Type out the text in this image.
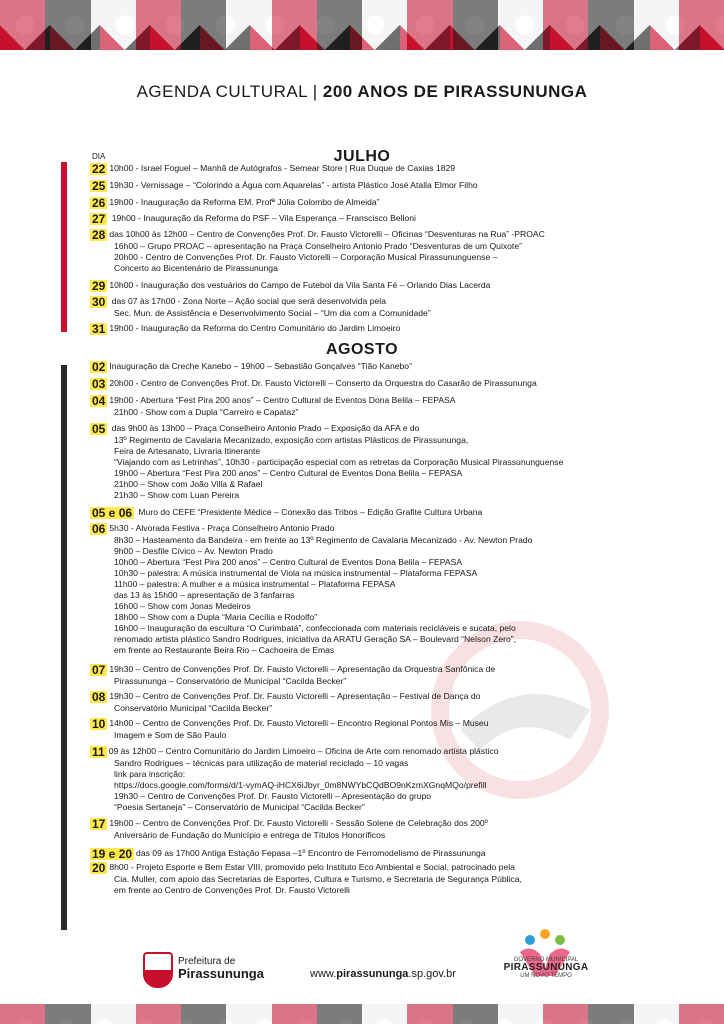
AGENDA CULTURAL | 200 ANOS DE PIRASSUNUNGA
DIA	JULHO
AGOSTO
22 10h00 - Israel Foguel – Manhã de Autógrafos - Semear Store | Rua Duque de Caxias 1829
25 19h30 - Vernissage – “Colorindo a Água com Aquarelas” - artista Plástico José Atalla Elmor Filho
26 19h00 - Inauguração da Reforma EM. Profª Júlia Colombo de Almeida”
27 19h00 - Inauguração da Reforma do PSF – Vila Esperança – Franscisco Belloni
28 das 10h00 às 12h00 – Centro de Convenções Prof. Dr. Fausto Victorelli – Oficinas “Desventuras na Rua” -PROAC
16h00 – Grupo PROAC – apresentação na Praça Conselheiro Antonio Prado “Desventuras de um Quixote”
20h00 - Centro de Convenções Prof. Dr. Fausto Victorelli – Corporação Musical Pirassununguense –
Concerto ao Bicentenário de Pirassununga
29 10h00 - Inauguração dos vestuários do Campo de Futebol da Vila Santa Fé – Orlando Dias Lacerda
30 das 07 às 17h00 - Zona Norte – Ação social que será desenvolvida pela
Sec. Mun. de Assistência e Desenvolvimento Social – “Um dia com a Comunidade”
31 19h00 - Inauguração da Reforma do Centro Comunitário do Jardim Limoeiro
02 Inauguração da Creche Kanebo – 19h00 – Sebastião Gonçalves “Tião Kanebo”
03 20h00 - Centro de Convenções Prof. Dr. Fausto Victorelli – Conserto da Orquestra do Casarão de Pirassununga
04 19h00 - Abertura “Fest Pira 200 anos” – Centro Cultural de Eventos Dona Belila – FEPASA
21h00 - Show com a Dupla “Carreiro e Capataz”
05 das 9h00 às 13h00 – Praça Conselheiro Antonio Prado – Exposição da AFA e do
13º Regimento de Cavalaria Mecanizado, exposição com artistas Plásticos de Pirassununga,
Feira de Artesanato, Livraria Itinerante
“Viajando com as Letrinhas”, 10h30 - participação especial com as retretas da Corporação Musical Pirassununguense
19h00 – Abertura “Fest Pira 200 anos” – Centro Cultural de Eventos Dona Belila – FEPASA
21h00 – Show com João Villa & Rafael
21h30 – Show com Luan Pereira
05 e 06 Muro do CEFE “Presidente Médice – Conexão das Tribos – Edição Grafite Cultura Urbana
06 5h30 - Alvorada Festiva - Praça Conselheiro Antonio Prado
8h30 – Hasteamento da Bandeira - em frente ao 13º Regimento de Cavalaria Mecanizado - Av. Newton Prado
9h00 – Desfile Cívico – Av. Newton Prado
10h00 – Abertura “Fest Pira 200 anos” – Centro Cultural de Eventos Dona Belila – FEPASA
10h30 – palestra: A música instrumental de Viola na música instrumental – Plataforma FEPASA
11h00 – palestra: A mulher e a música instrumental – Plataforma FEPASA
das 13 às 15h00 – apresentação de 3 fanfarras
16h00 – Show com Jonas Medeiros
18h00 – Show com a Dupla “Maria Cecília e Rodolfo”
16h00 – Inauguração da escultura “O Curimbatá”, confeccionada com materiais recicláveis e sucata, pelo
renomado artista plástico Sandro Rodrigues, iniciativa da ARATU Geração SA – Boulevard “Nelson Zero”,
em frente ao Restaurante Beira Rio – Cachoeira de Emas
07 19h30 – Centro de Convenções Prof. Dr. Fausto Victorelli – Apresentação da Orquestra Sanfônica de
Pirassununga – Conservatório de Municipal “Cacilda Becker”
08 19h30 – Centro de Convenções Prof. Dr. Fausto Victorelli – Apresentação – Festival de Dança do
Conservatório Municipal “Cacilda Becker”
10 14h00 – Centro de Convenções Prof. Dr. Fausto Victorelli – Encontro Regional Pontos Mis – Museu
Imagem e Som de São Paulo
11 09 às 12h00 – Centro Comunitário do Jardim Limoeiro – Oficina de Arte com renomado artista plástico
Sandro Rodrigues – técnicas para utilização de material reciclado – 10 vagas
link para inscrição:
https://docs.google.com/forms/d/1-vymAQ-iHCX6iJbyr_0m8NWYbCQdBO9nKzmXGnqMQo/prefill
19h30 – Centro de Convenções Prof. Dr. Fausto Victorelli – Apresentação do grupo
“Poesia Sertaneja” – Conservatório de Municipal “Cacilda Becker”
17 19h00 – Centro de Convenções Prof. Dr. Fausto Victorelli - Sessão Solene de Celebração dos 200º
Aniversário de Fundação do Município e entrega de Títulos Honoríficos
19 e 20 das 09 as 17h00 Antiga Estação Fepasa –1º Encontro de Ferromodelismo de Pirassununga
20 8h00 - Projeto Esporte e Bem Estar VIII, promovido pelo Instituto Eco Ambiental e Social, patrocinado pela
Cia. Muller, com apoio das Secretarias de Esportes, Cultura e Turismo, e Secretaria de Segurança Pública,
em frente ao Centro de Convenções Prof. Dr. Fausto Victorelli
Prefeitura de
Pirassununga	www.pirassununga.sp.gov.br
GOVERNO MUNICIPAL
PIRASSUNUNGA
UM NOVO TEMPO
